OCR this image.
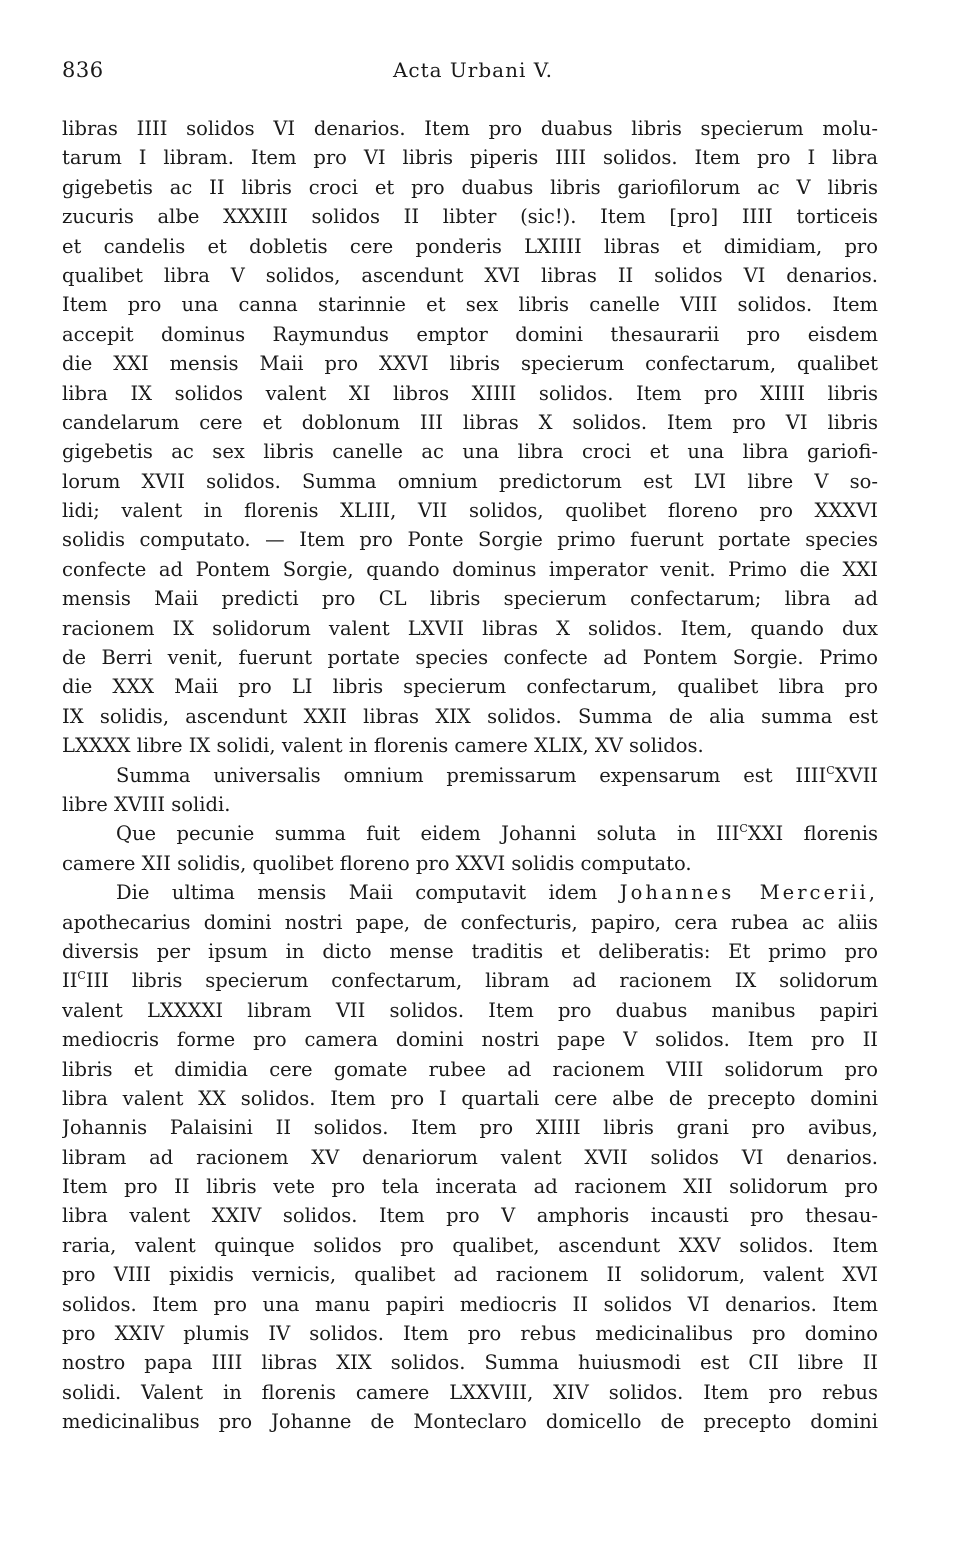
836	Acta Urbani V.
libras IIII solidos VI denarios. Item pro duabus libris specierum molu-
tarum I libram. Item pro VI libris piperis IIII solidos. Item pro I libra
gigebetis ac II libris croci et pro duabus libris gariofilorum ac V libris
zucuris albe XXXIII solidos II libter (sic!). Item [pro] IIII torticeis
et candelis et dobletis cere ponderis LXIIII libras et dimidiam, pro
qualibet libra V solidos, ascendunt XVI libras II solidos VI denarios.
Item pro una canna starinnie et sex libris canelle VIII solidos. Item
accepit dominus Raymundus emptor domini thesaurarii pro eisdem
die XXI mensis Maii pro XXVI libris specierum confectarum, qualibet
libra IX solidos valent XI libros XIIII solidos. Item pro XIIII libris
candelarum cere et doblonum III libras X solidos. Item pro VI libris
gigebetis ac sex libris canelle ac una libra croci et una libra gariofi-
lorum XVII solidos. Summa omnium predictorum est LVI libre V so-
lidi; valent in florenis XLIII, VII solidos, quolibet floreno pro XXXVI
solidis computato. — Item pro Ponte Sorgie primo fuerunt portate species
confecte ad Pontem Sorgie, quando dominus imperator venit. Primo die XXI
mensis Maii predicti pro CL libris specierum confectarum; libra ad
racionem IX solidorum valent LXVII libras X solidos. Item, quando dux
de Berri venit, fuerunt portate species confecte ad Pontem Sorgie. Primo
die XXX Maii pro LI libris specierum confectarum, qualibet libra pro
IX solidis, ascendunt XXII libras XIX solidos. Summa de alia summa est
LXXXX libre IX solidi, valent in florenis camere XLIX, XV solidos.
Summa universalis omnium premissarum expensarum est $IIII^CXVII$
libre XVIII solidi.
Que pecunie summa fuit eidem Johanni soluta in $III^CXXI$ florenis
camere XII solidis, quolibet floreno pro XXVI solidis computato.
Die ultima mensis Maii computavit idem Johannes Mercerii,
apothecarius domini nostri pape, de confecturis, papiro, cera rubea ac aliis
diversis per ipsum in dicto mense traditis et deliberatis: Et primo pro
$II^CIII$ libris specierum confectarum, libram ad racionem IX solidorum
valent LXXXXI libram VII solidos. Item pro duabus manibus papiri
mediocris forme pro camera domini nostri pape V solidos. Item pro II
libris et dimidia cere gomate rubee ad racionem VIII solidorum pro
libra valent XX solidos. Item pro I quartali cere albe de precepto domini
Johannis Palaisini II solidos. Item pro XIIII libris grani pro avibus,
libram ad racionem XV denariorum valent XVII solidos VI denarios.
Item pro II libris vete pro tela incerata ad racionem XII solidorum pro
libra valent XXIV solidos. Item pro V amphoris incausti pro thesau-
raria, valent quinque solidos pro qualibet, ascendunt XXV solidos. Item
pro VIII pixidis vernicis, qualibet ad racionem II solidorum, valent XVI
solidos. Item pro una manu papiri mediocris II solidos VI denarios. Item
pro XXIV plumis IV solidos. Item pro rebus medicinalibus pro domino
nostro papa IIII libras XIX solidos. Summa huiusmodi est CII libre II
solidi. Valent in florenis camere LXXVIII, XIV solidos. Item pro rebus
medicinalibus pro Johanne de Monteclaro domicello de precepto domini
